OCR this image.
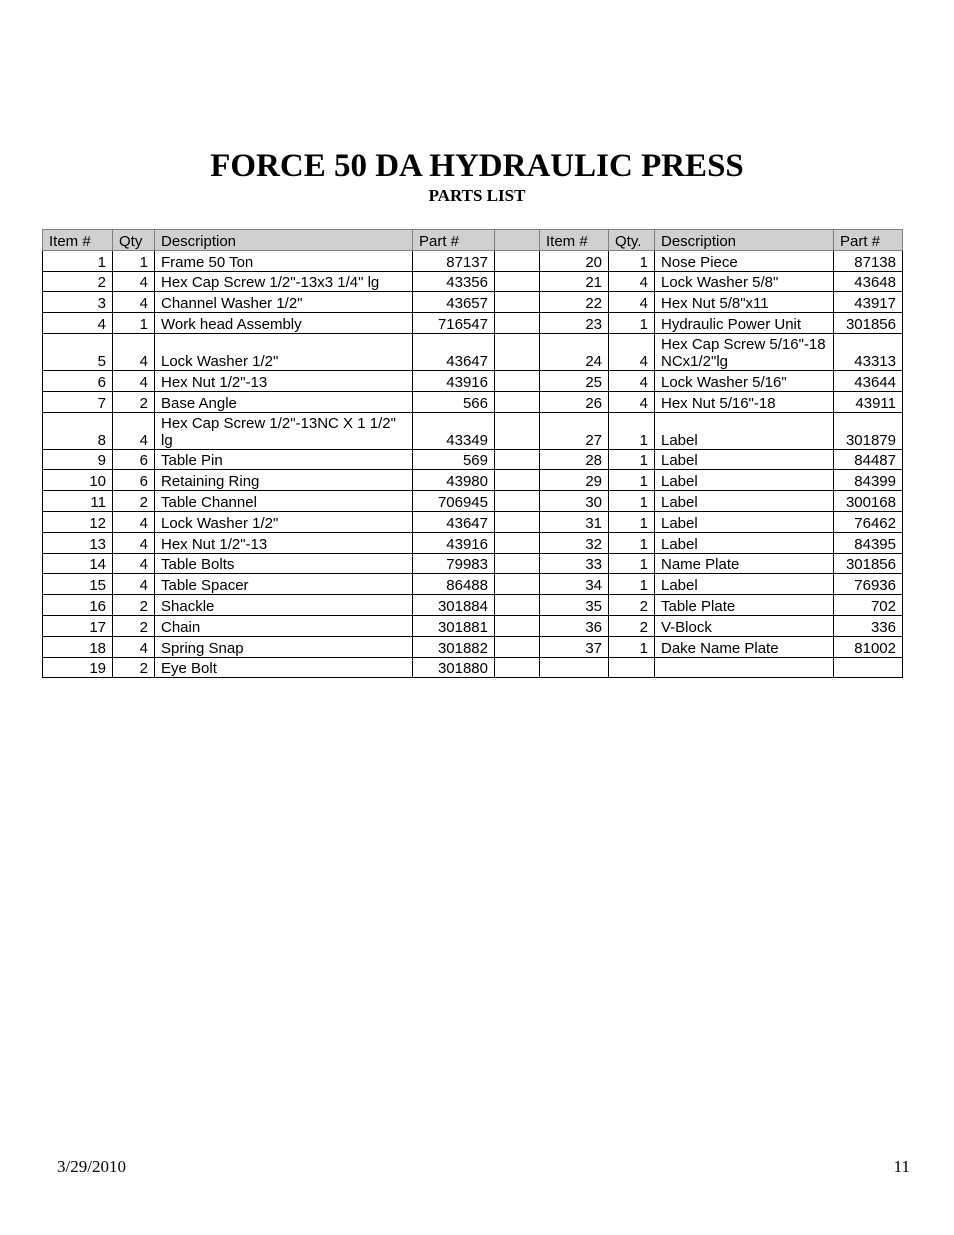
FORCE 50 DA HYDRAULIC PRESS
PARTS LIST
Item #	Qty	Description	Part #		Item #	Qty.	Description	Part #
1	1	Frame 50 Ton	87137		20	1	Nose Piece	87138
2	4	Hex Cap Screw 1/2"-13x3 1/4" lg	43356		21	4	Lock Washer 5/8"	43648
3	4	Channel Washer 1/2"	43657		22	4	Hex Nut 5/8"x11	43917
4	1	Work head Assembly	716547		23	1	Hydraulic Power Unit	301856
5	4	Lock Washer 1/2"	43647		24	4	Hex Cap Screw 5/16"-18 NCx1/2"lg	43313
6	4	Hex Nut 1/2"-13	43916		25	4	Lock Washer 5/16"	43644
7	2	Base Angle	566		26	4	Hex Nut 5/16"-18	43911
8	4	Hex Cap Screw 1/2"-13NC X 1 1/2" lg	43349		27	1	Label	301879
9	6	Table Pin	569		28	1	Label	84487
10	6	Retaining Ring	43980		29	1	Label	84399
11	2	Table Channel	706945		30	1	Label	300168
12	4	Lock Washer 1/2"	43647		31	1	Label	76462
13	4	Hex Nut 1/2"-13	43916		32	1	Label	84395
14	4	Table Bolts	79983		33	1	Name Plate	301856
15	4	Table Spacer	86488		34	1	Label	76936
16	2	Shackle	301884		35	2	Table Plate	702
17	2	Chain	301881		36	2	V-Block	336
18	4	Spring Snap	301882		37	1	Dake Name Plate	81002
19	2	Eye Bolt	301880					
3/29/2010	11
